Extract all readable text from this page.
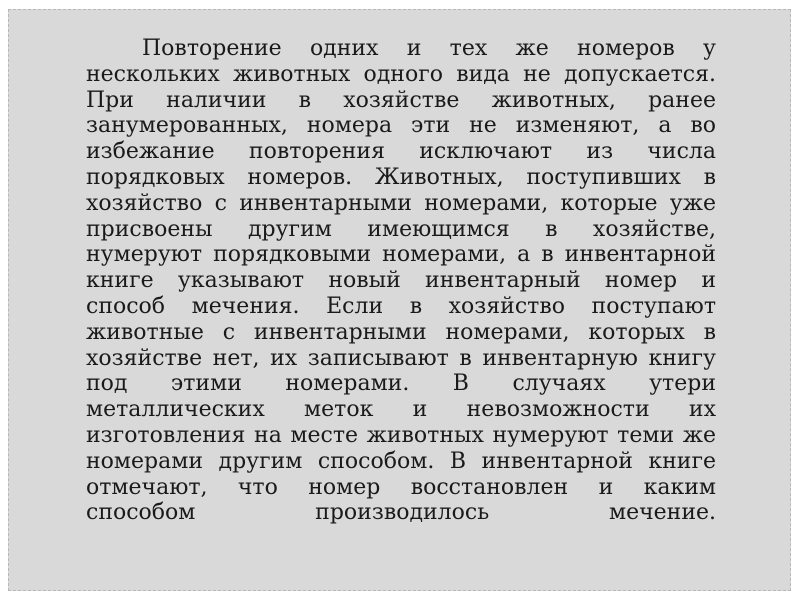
Повторение одних и тех же номеров у нескольких животных одного вида не допускается. При наличии в хозяйстве животных, ранее занумерованных, номера эти не изменяют, а во избежание повторения исключают из числа порядковых номеров. Животных, поступивших в хозяйство с инвентарными номерами, которые уже присвоены другим имеющимся в хозяйстве, нумеруют порядковыми номерами, а в инвентарной книге указывают новый инвентарный номер и способ мечения. Если в хозяйство поступают животные с инвентарными номерами, которых в хозяйстве нет, их записывают в инвентарную книгу под этими номерами. В случаях утери металлических меток и невозможности их изготовления на месте животных нумеруют теми же номерами другим способом. В инвентарной книге отмечают, что номер восстановлен и каким способом производилось мечение.
